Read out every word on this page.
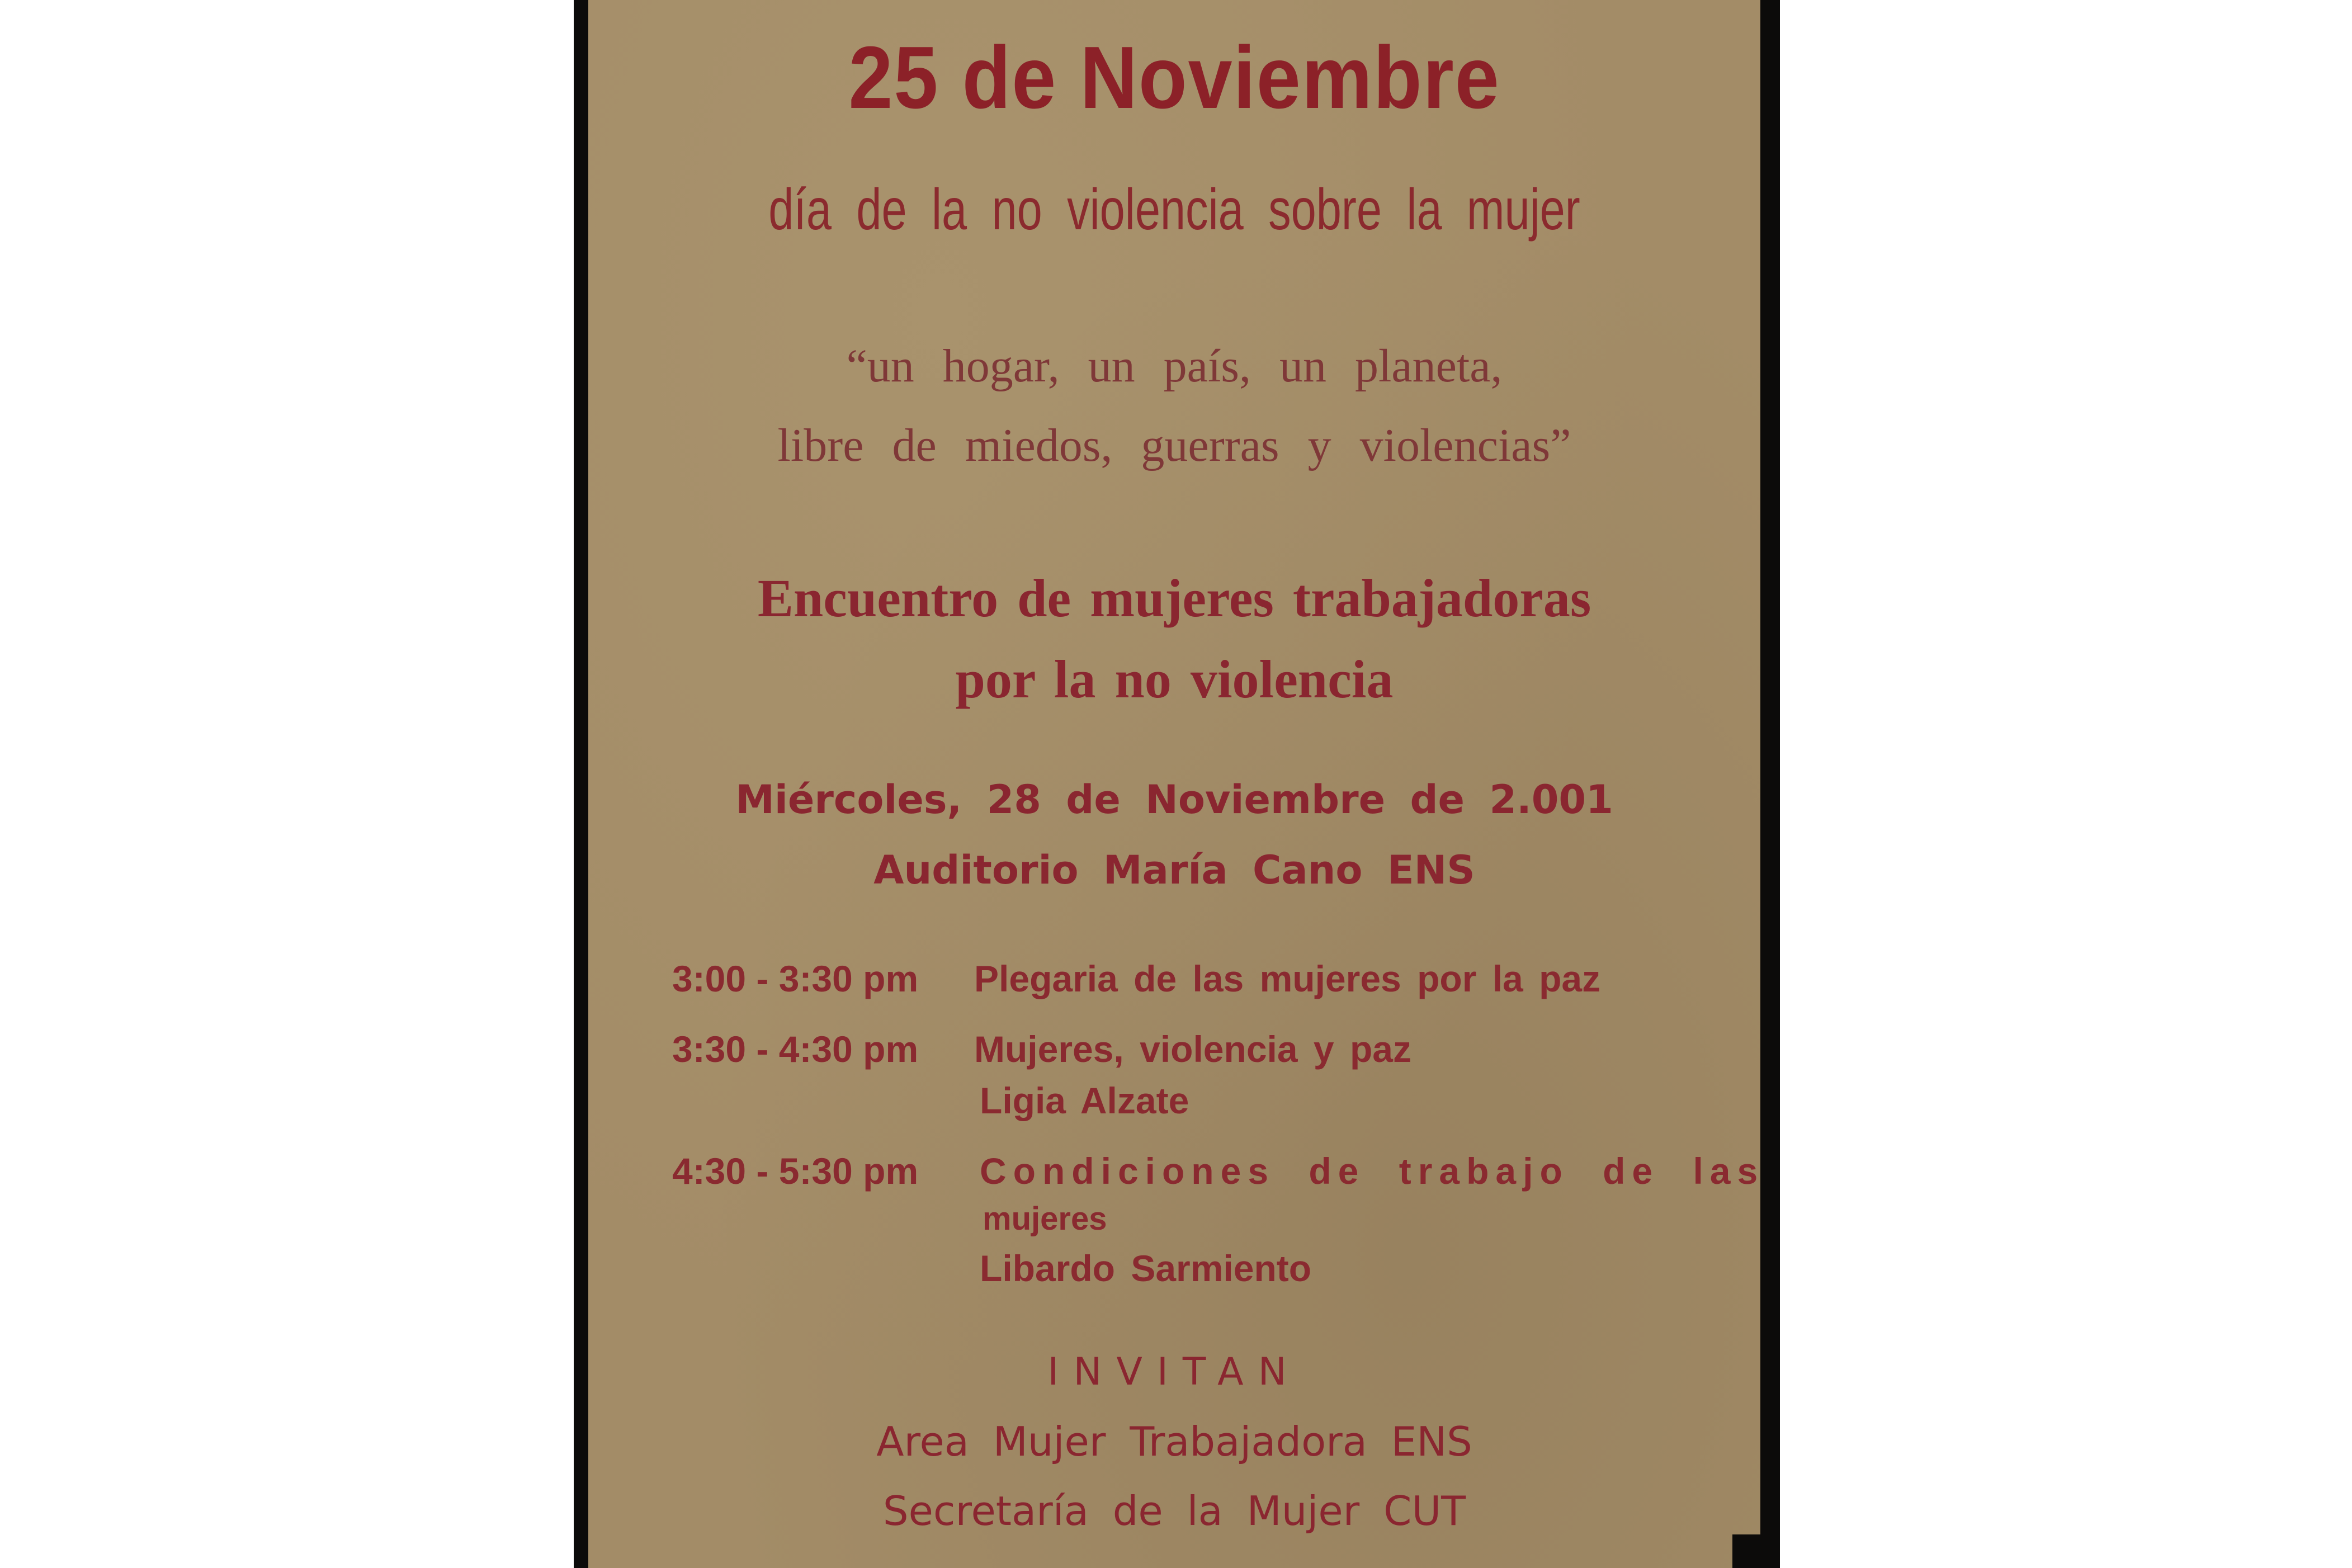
25 de Noviembre
día de la no violencia sobre la mujer
“un hogar, un país, un planeta,
libre de miedos, guerras y violencias”
Encuentro de mujeres trabajadoras
por la no violencia
Miércoles, 28 de Noviembre de 2.001
Auditorio María Cano ENS
3:00 - 3:30 pm Plegaria de las mujeres por la paz
3:30 - 4:30 pm Mujeres, violencia y paz
Ligia Alzate
4:30 - 5:30 pm Condiciones de trabajo de las
mujeres
Libardo Sarmiento
INVITAN
Area Mujer Trabajadora ENS
Secretaría de la Mujer CUT
